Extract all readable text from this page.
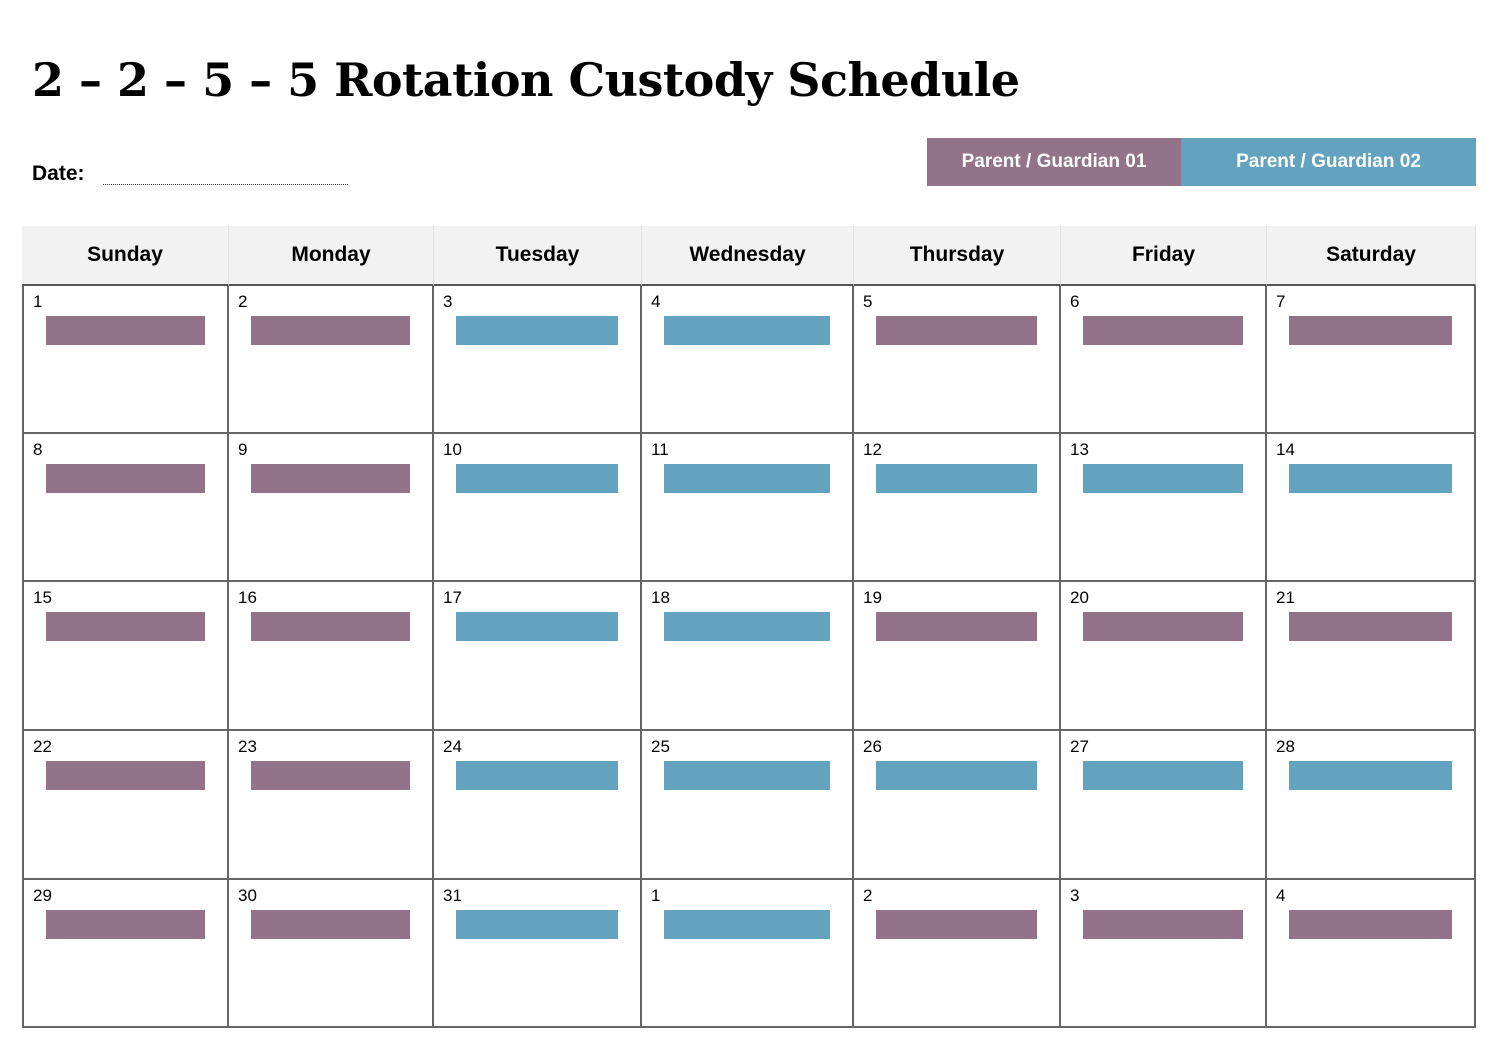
2 – 2 – 5 – 5 Rotation Custody Schedule
Date:
Parent / Guardian 01	Parent / Guardian 02
Sunday	Monday	Tuesday	Wednesday	Thursday	Friday	Saturday
1	2	3	4	5	6	7
8	9	10	11	12	13	14
15	16	17	18	19	20	21
22	23	24	25	26	27	28
29	30	31	1	2	3	4
